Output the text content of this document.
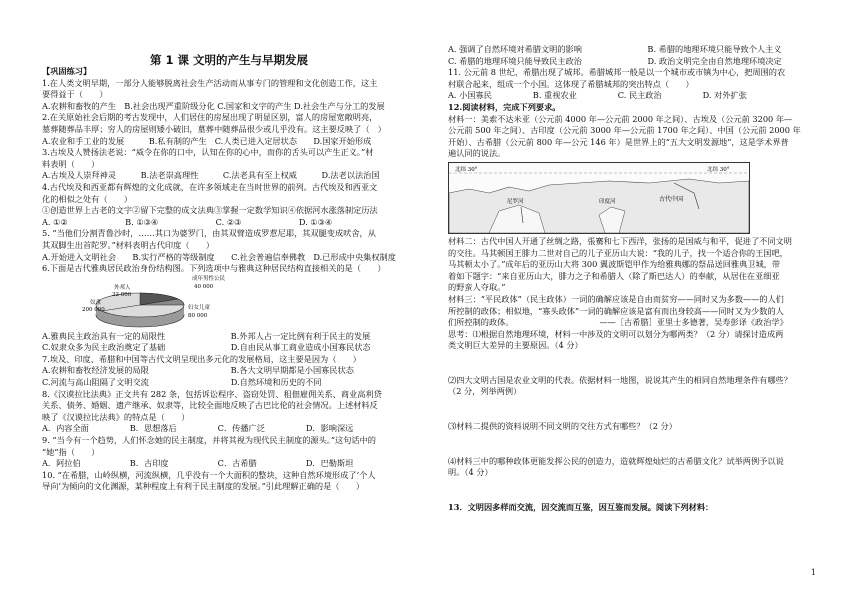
第 1 课 文明的产生与早期发展
【巩固练习】
1.在人类文明早期，一部分人能够脱离社会生产活动而从事专门的管理和文化创造工作，这主
要得益于（　　）
A.农耕和畜牧的产生　B.社会出现严重阶级分化 C.国家和文字的产生 D.社会生产与分工的发展
2.在关原始社会后期的考古发现中，人们居住的房屋出现了明显区别，富人的房屋宽敞明亮，
墓葬随葬品丰厚；穷人的房屋则矮小破旧，墓葬中随葬品很少或几乎没有。这主要反映了（　）
A.农业和手工业的发展　　　B.私有制的产生　C.人类已进入定居状态　　D.国家开始形成
3.古埃及人赞扬法老说：“威令在你的口中，认知在你的心中，而你的舌头可以产生正义。”材
料表明（　　）
A.古埃及人崇拜神灵　　　B.法老崇高理性　　　C.法老具有至上权威　　　D.法老以法治国
4.古代埃及和西亚都有辉煌的文化成就，在许多领域走在当时世界的前列。古代埃及和西亚文
化的相似之处有（　　）
①创造世界上古老的文字②留下完整的成文法典③掌握一定数学知识④依据河水涨落制定历法
A. ①②　　　　　　　B. ①③④　　　　　　　C. ②③　　　　　　　D. ①③④
5. “当他们分割青鲁沙时，……其口为婆罗门，由其双臂造成罗惹尼耶，其双腿变成吠舍，从
其双脚生出首陀罗。”材料表明古代印度（　　）
A.开始进入文明社会　　B.实行严格的等级制度　　C.社会普遍信奉佛教　D.已形成中央集权制度
6.下面是古代雅典居民政治身份结构图。下列选项中与雅典这种居民结构直接相关的是（　　）
外邦人
32 000
奴隶
200 000
成年男性公民
40 000
妇女儿童
80 000
A.雅典民主政治具有一定的局限性　　　　　　　　B.外邦人占一定比例有利于民主的发展
C.奴隶众多为民主政治奠定了基础　　　　　　　　D.自由民从事工商业造成小国寡民状态
7.埃及、印度、希腊和中国等古代文明呈现出多元化的发展格局，这主要是因为（　　）
A.农耕和畜牧经济发展的局限　　　　　　　　　　B.各大文明早期都是小国寡民状态
C.河流与高山阻隔了文明交流　　　　　　　　　　D.自然环境和历史的不同
8.《汉谟拉比法典》正文共有 282 条，包括诉讼程序、盗窃处罚、租佃雇佣关系、商业高利贷
关系、债务、婚姻、遗产继承、奴隶等，比较全面地反映了古巴比伦的社会情况。上述材料反
映了《汉谟拉比法典》的特点是（　　）
A．内容全面　　　　　B．思想落后　　　　　C．传播广泛　　　　　D．影响深远
9. “当今有一个趋势，人们怀念她的民主制度，并将其视为现代民主制度的源头。”这句话中的
“她”指（　　）
A．阿拉伯　　　　　　B．古印度　　　　　　C．古希腊　　　　　　D．巴勒斯坦
10. “在希腊，山岭纵横，河流纵横，几乎没有一个大面积的整块，这种自然环境形成了‘个人
导向’为倾向的文化渊源，某种程度上有利于民主制度的发展。”引此理解正确的是（　　）
A. 强调了自然环境对希腊文明的影响　　　　　　　　B. 希腊的地理环境只能导致个人主义
C. 希腊的地理环境只能导致民主政治　　　　　　　　D. 政治文明完全由自然地理环境决定
11. 公元前 8 世纪，希腊出现了城邦。希腊城邦一般是以一个城市或市镇为中心，把周围的农
村联合起来，组成一个小国。这体现了希腊城邦的突出特点（　　）
A. 小国寡民　　　　　B. 重视农业　　　　　C. 民主政治　　　　　D. 对外扩张
12.阅读材料，完成下列要求。
材料一：美索不达米亚（公元前 4000 年—公元前 2000 年之间）、古埃及（公元前 3200 年—
公元前 500 年之间）、古印度（公元前 3000 年—公元前 1700 年之间）、中国（公元前 2000 年
开始）、古希腊（公元前 800 年—公元 146 年）是世界上的“五大文明发源地”，这是学术界普
遍认同的说法。
北纬 30°	北纬 30°
古代中国
印度河
尼罗河
材料二：古代中国人开通了丝绸之路，張騫和七下西洋，张扬的是国威与和平，促进了不同文明
的交往。马其顿国王腓力二世对自己的儿子亚历山大说：“我的儿子，找一个适合你的王国吧，
马其顿太小了。”成年后的亚历山大将 300 翼波斯铠甲作为给雅典娜的祭品送回雅典卫城，带
着如下题字：“来自亚历山大，腓力之子和希腊人（除了斯巴达人）的奉献，从居住在亚细亚
的野蛮人夺取。”
材料三：“平民政体”（民主政体）一词的确解应该是自由而贫穷——同时又为多数——的人们
所控制的政体；相似地，“寡头政体”一词的确解应该是富有而出身较高——同时又为少数的人
们所控制的政体。　　　　　　　　　　　——［古希腊］亚里士多德著，吴寿彭译《政治学》
思考：⑴根据自然地理环境，材料一中涉及的文明可以划分为哪两类？（2 分）请探讨造成两
类文明巨大差异的主要原因。（4 分）
⑵四大文明古国是农业文明的代表。依据材料一地图，说说其产生的相同自然地理条件有哪些？
（2 分，列举两例）
⑶材料二提供的资料说明不同文明的交往方式有哪些？（2 分）
⑷材料三中的哪种政体更能发挥公民的创造力，造就辉煌灿烂的古希腊文化？试举两例予以说
明。（4 分）
13．文明因多样而交流，因交流而互鉴，因互鉴而发展。阅读下列材料：
1
